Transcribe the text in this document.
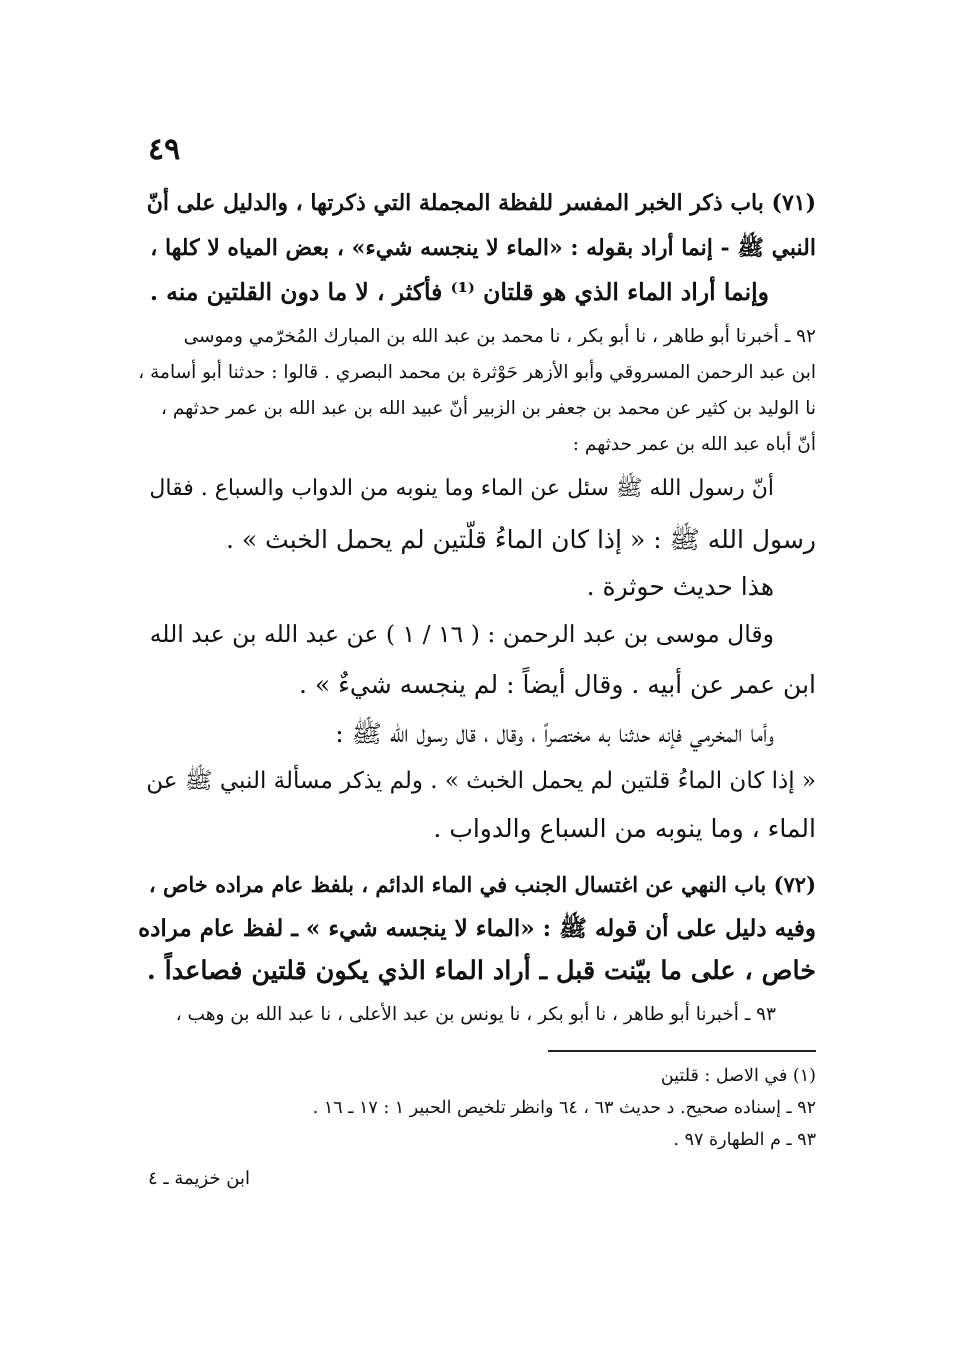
٤٩
(٧١) باب ذكر الخبر المفسر للفظة المجملة التي ذكرتها ، والدليل على أنّ
النبي ﷺ - إنما أراد بقوله : «الماء لا ينجسه شيء» ، بعض المياه لا كلها ،
وإنما أراد الماء الذي هو قلتان ⁽¹⁾ فأكثر ، لا ما دون القلتين منه .
٩٢ ـ أخبرنا أبو طاهر ، نا أبو بكر ، نا محمد بن عبد الله بن المبارك المُخرّمي وموسى
ابن عبد الرحمن المسروقي وأبو الأزهر حَوْثرة بن محمد البصري . قالوا : حدثنا أبو أسامة ،
نا الوليد بن كثير عن محمد بن جعفر بن الزبير أنّ عبيد الله بن عبد الله بن عمر حدثهم ،
أنّ أباه عبد الله بن عمر حدثهم :
أنّ رسول الله ﷺ سئل عن الماء وما ينوبه من الدواب والسباع . فقال
رسول الله ﷺ : « إذا كان الماءُ قلّتين لم يحمل الخبث » .
هذا حديث حوثرة .
وقال موسى بن عبد الرحمن : ( ١٦ / ١ ) عن عبد الله بن عبد الله
ابن عمر عن أبيه . وقال أيضاً : لم ينجسه شيءٌ » .
وأما المخرمي فإنه حدثنا به مختصراً ، وقال ، قال رسول الله ﷺ :
« إذا كان الماءُ قلتين لم يحمل الخبث » . ولم يذكر مسألة النبي ﷺ عن
الماء ، وما ينوبه من السباع والدواب .
(٧٢) باب النهي عن اغتسال الجنب في الماء الدائم ، بلفظ عام مراده خاص ،
وفيه دليل على أن قوله ﷺ : «الماء لا ينجسه شيء » ـ لفظ عام مراده
خاص ، على ما بيّنت قبل ـ أراد الماء الذي يكون قلتين فصاعداً .
٩٣ ـ أخبرنا أبو طاهر ، نا أبو بكر ، نا يونس بن عبد الأعلى ، نا عبد الله بن وهب ،
(١) في الاصل : قلتين
٩٢ ـ إسناده صحيح. د حديث ٦٣ ، ٦٤ وانظر تلخيص الحبير ١ : ١٧ ـ ١٦ .
٩٣ ـ م الطهارة ٩٧ .
ابن خزيمة ـ ٤
